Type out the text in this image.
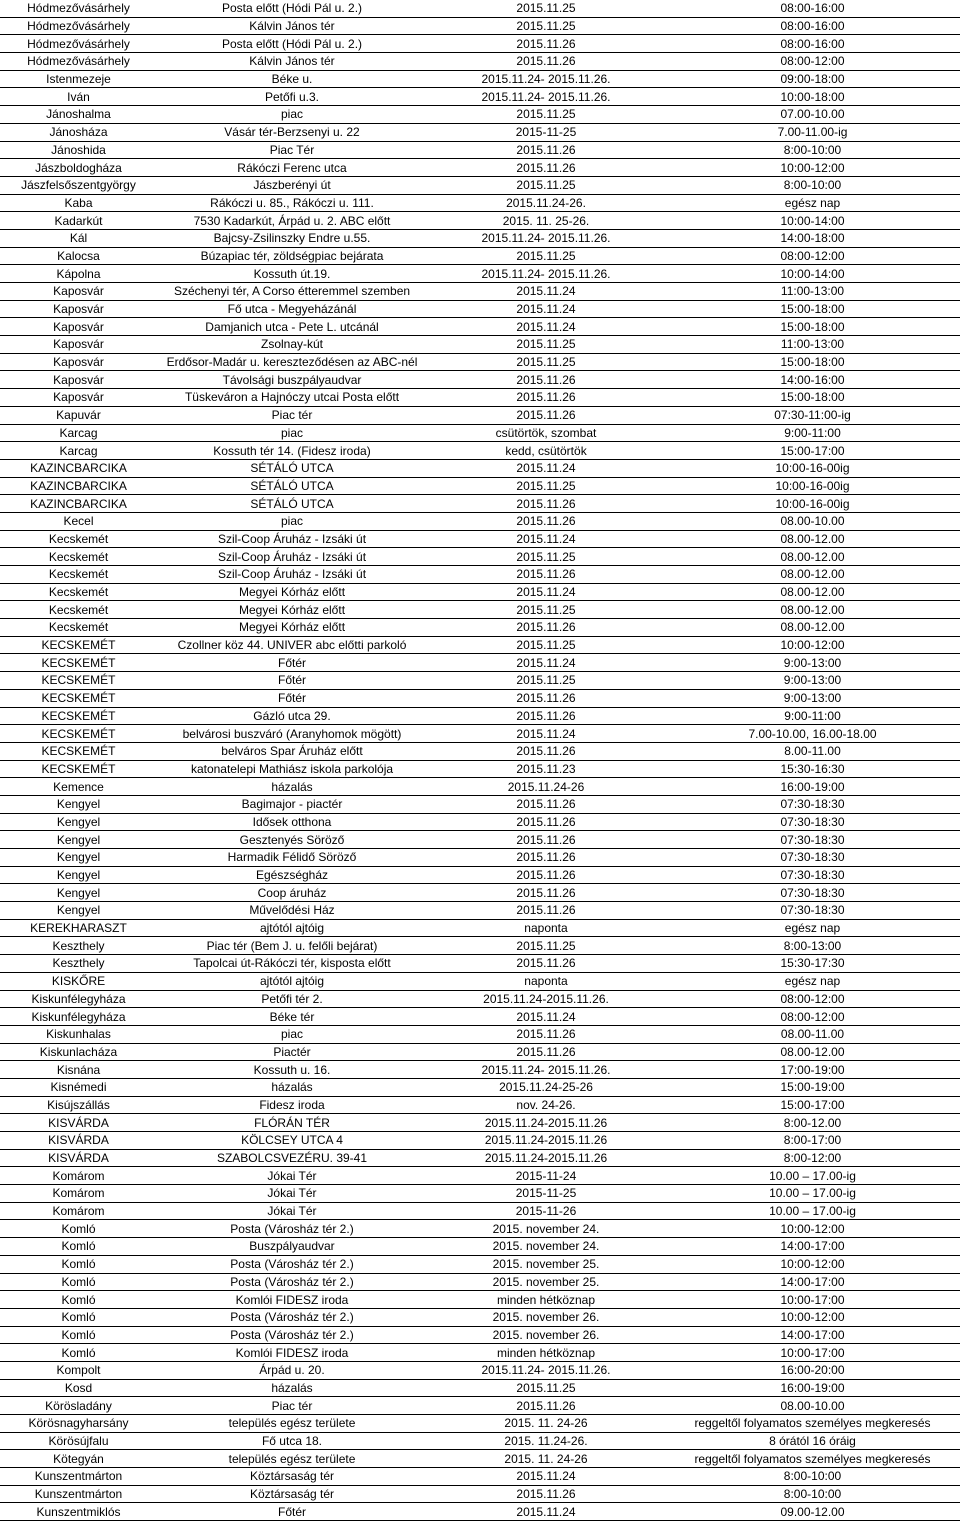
Hódmezővásárhely	Posta előtt (Hódi Pál u. 2.)	2015.11.25	08:00-16:00
Hódmezővásárhely	Kálvin János tér	2015.11.25	08:00-16:00
Hódmezővásárhely	Posta előtt (Hódi Pál u. 2.)	2015.11.26	08:00-16:00
Hódmezővásárhely	Kálvin János tér	2015.11.26	08:00-12:00
Istenmezeje	Béke u.	2015.11.24- 2015.11.26.	09:00-18:00
Iván	Petőfi u.3.	2015.11.24- 2015.11.26.	10:00-18:00
Jánoshalma	piac	2015.11.25	07.00-10.00
Jánosháza	Vásár tér-Berzsenyi u. 22	2015-11-25	7.00-11.00-ig
Jánoshida	Piac Tér	2015.11.26	8:00-10:00
Jászboldogháza	Rákóczi Ferenc utca	2015.11.26	10:00-12:00
Jászfelsőszentgyörgy	Jászberényi út	2015.11.25	8:00-10:00
Kaba	Rákóczi u. 85., Rákóczi u. 111.	2015.11.24-26.	egész nap
Kadarkút	7530 Kadarkút, Árpád u. 2. ABC előtt	2015. 11. 25-26.	10:00-14:00
Kál	Bajcsy-Zsilinszky Endre u.55.	2015.11.24- 2015.11.26.	14:00-18:00
Kalocsa	Búzapiac tér, zöldségpiac bejárata	2015.11.25	08:00-12:00
Kápolna	Kossuth út.19.	2015.11.24- 2015.11.26.	10:00-14:00
Kaposvár	Széchenyi tér, A Corso étteremmel szemben	2015.11.24	11:00-13:00
Kaposvár	Fő utca - Megyeházánál	2015.11.24	15:00-18:00
Kaposvár	Damjanich utca - Pete L. utcánál	2015.11.24	15:00-18:00
Kaposvár	Zsolnay-kút	2015.11.25	11:00-13:00
Kaposvár	Erdősor-Madár u. kereszteződésen az ABC-nél	2015.11.25	15:00-18:00
Kaposvár	Távolsági buszpályaudvar	2015.11.26	14:00-16:00
Kaposvár	Tüskeváron a Hajnóczy utcai Posta előtt	2015.11.26	15:00-18:00
Kapuvár	Piac tér	2015.11.26	07:30-11:00-ig
Karcag	piac	csütörtök, szombat	9:00-11:00
Karcag	Kossuth tér 14. (Fidesz iroda)	kedd, csütörtök	15:00-17:00
KAZINCBARCIKA	SÉTÁLÓ UTCA	2015.11.24	10:00-16-00ig
KAZINCBARCIKA	SÉTÁLÓ UTCA	2015.11.25	10:00-16-00ig
KAZINCBARCIKA	SÉTÁLÓ UTCA	2015.11.26	10:00-16-00ig
Kecel	piac	2015.11.26	08.00-10.00
Kecskemét	Szil-Coop Áruház - Izsáki út	2015.11.24	08.00-12.00
Kecskemét	Szil-Coop Áruház - Izsáki út	2015.11.25	08.00-12.00
Kecskemét	Szil-Coop Áruház - Izsáki út	2015.11.26	08.00-12.00
Kecskemét	Megyei Kórház előtt	2015.11.24	08.00-12.00
Kecskemét	Megyei Kórház előtt	2015.11.25	08.00-12.00
Kecskemét	Megyei Kórház előtt	2015.11.26	08.00-12.00
KECSKEMÉT	Czollner köz 44. UNIVER abc előtti parkoló	2015.11.25	10:00-12:00
KECSKEMÉT	Főtér	2015.11.24	9:00-13:00
KECSKEMÉT	Főtér	2015.11.25	9:00-13:00
KECSKEMÉT	Főtér	2015.11.26	9:00-13:00
KECSKEMÉT	Gázló utca 29.	2015.11.26	9:00-11:00
KECSKEMÉT	belvárosi buszváró (Aranyhomok mögött)	2015.11.24	7.00-10.00, 16.00-18.00
KECSKEMÉT	belváros Spar Áruház előtt	2015.11.26	8.00-11.00
KECSKEMÉT	katonatelepi Mathiász iskola parkolója	2015.11.23	15:30-16:30
Kemence	házalás	2015.11.24-26	16:00-19:00
Kengyel	Bagimajor - piactér	2015.11.26	07:30-18:30
Kengyel	Idősek otthona	2015.11.26	07:30-18:30
Kengyel	Gesztenyés Söröző	2015.11.26	07:30-18:30
Kengyel	Harmadik Félidő Söröző	2015.11.26	07:30-18:30
Kengyel	Egészségház	2015.11.26	07:30-18:30
Kengyel	Coop áruház	2015.11.26	07:30-18:30
Kengyel	Művelődési Ház	2015.11.26	07:30-18:30
KEREKHARASZT	ajtótól ajtóig	naponta	egész nap
Keszthely	Piac tér (Bem J. u. felőli bejárat)	2015.11.25	8:00-13:00
Keszthely	Tapolcai út-Rákóczi tér, kisposta előtt	2015.11.26	15:30-17:30
KISKŐRE	ajtótól ajtóig	naponta	egész nap
Kiskunfélegyháza	Petőfi tér 2.	2015.11.24-2015.11.26.	08:00-12:00
Kiskunfélegyháza	Béke tér	2015.11.24	08:00-12:00
Kiskunhalas	piac	2015.11.26	08.00-11.00
Kiskunlacháza	Piactér	2015.11.26	08.00-12.00
Kisnána	Kossuth u. 16.	2015.11.24- 2015.11.26.	17:00-19:00
Kisnémedi	házalás	2015.11.24-25-26	15:00-19:00
Kisújszállás	Fidesz iroda	nov. 24-26.	15:00-17:00
KISVÁRDA	FLÓRÁN TÉR	2015.11.24-2015.11.26	8:00-12.00
KISVÁRDA	KÖLCSEY UTCA 4	2015.11.24-2015.11.26	8:00-17:00
KISVÁRDA	SZABOLCSVEZÉRU. 39-41	2015.11.24-2015.11.26	8:00-12:00
Komárom	Jókai Tér	2015-11-24	10.00 – 17.00-ig
Komárom	Jókai Tér	2015-11-25	10.00 – 17.00-ig
Komárom	Jókai Tér	2015-11-26	10.00 – 17.00-ig
Komló	Posta (Városház tér 2.)	2015. november 24.	10:00-12:00
Komló	Buszpályaudvar	2015. november 24.	14:00-17:00
Komló	Posta (Városház tér 2.)	2015. november 25.	10:00-12:00
Komló	Posta (Városház tér 2.)	2015. november 25.	14:00-17:00
Komló	Komlói FIDESZ iroda	minden hétköznap	10:00-17:00
Komló	Posta (Városház tér 2.)	2015. november 26.	10:00-12:00
Komló	Posta (Városház tér 2.)	2015. november 26.	14:00-17:00
Komló	Komlói FIDESZ iroda	minden hétköznap	10:00-17:00
Kompolt	Árpád u. 20.	2015.11.24- 2015.11.26.	16:00-20:00
Kosd	házalás	2015.11.25	16:00-19:00
Körösladány	Piac tér	2015.11.26	08.00-10.00
Körösnagyharsány	település egész területe	2015. 11. 24-26	reggeltől folyamatos személyes megkeresés
Körösújfalu	Fő utca 18.	2015. 11.24-26.	8 órától 16 óráig
Kötegyán	település egész területe	2015. 11. 24-26	reggeltől folyamatos személyes megkeresés
Kunszentmárton	Köztársaság tér	2015.11.24	8:00-10:00
Kunszentmárton	Köztársaság tér	2015.11.26	8:00-10:00
Kunszentmiklós	Főtér	2015.11.24	09.00-12.00
